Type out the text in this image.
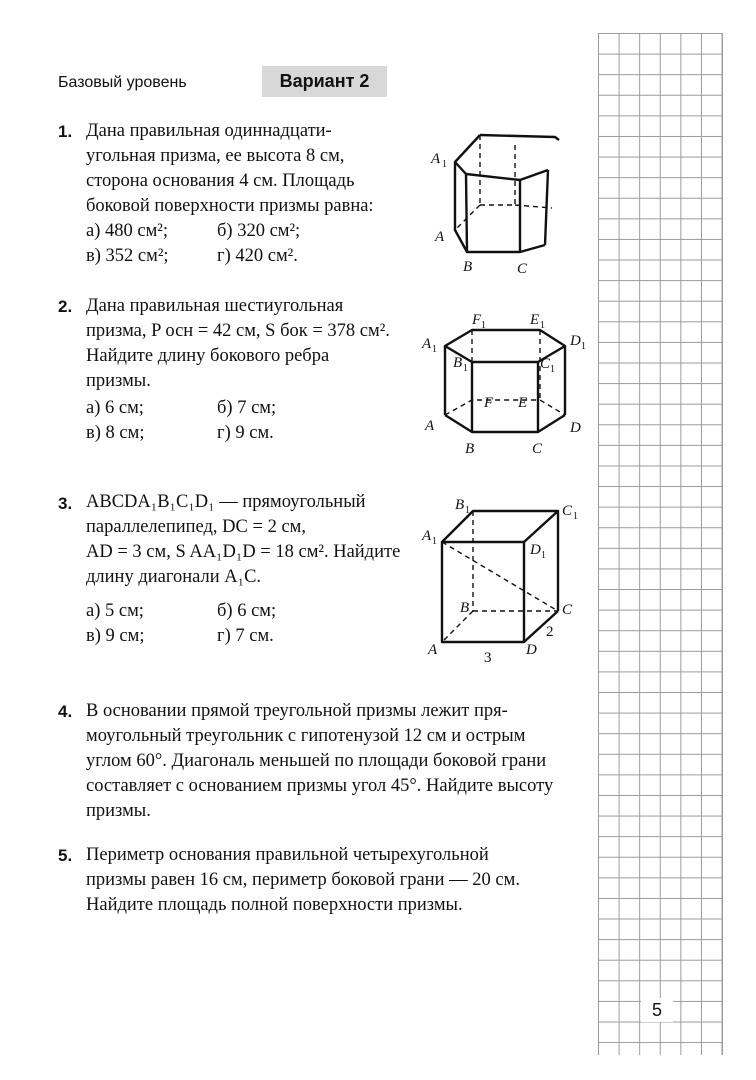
Базовый уровень	Вариант 2
1. Дана правильная одиннадцати-
угольная призма, ее высота 8 см,
сторона основания 4 см. Площадь
боковой поверхности призмы равна:
а) 480 см²;	б) 320 см²;
в) 352 см²;	г) 420 см².
A 1
A
B	C
2. Дана правильная шестиугольная
призма, P осн = 42 см, S бок = 378 см².
Найдите длину бокового ребра
призмы.
а) 6 см;	б) 7 см;
в) 8 см;	г) 9 см.
F 1	E 1
A 1
D 1
B 1	C 1
F E
A	D
B	C
3. ABCDA₁B₁C₁D₁ — прямоугольный
параллелепипед, DC = 2 см,
AD = 3 см, S AA₁D₁D = 18 см². Найдите
длину диагонали A₁C.
а) 5 см;	б) 6 см;
в) 9 см;	г) 7 см.
B 1	C 1
A 1
D 1
B	C
2
A	D
3
4. В основании прямой треугольной призмы лежит пря-
моугольный треугольник с гипотенузой 12 см и острым
углом 60°. Диагональ меньшей по площади боковой грани
составляет с основанием призмы угол 45°. Найдите высоту
призмы.
5. Периметр основания правильной четырехугольной
призмы равен 16 см, периметр боковой грани — 20 см.
Найдите площадь полной поверхности призмы.
5
